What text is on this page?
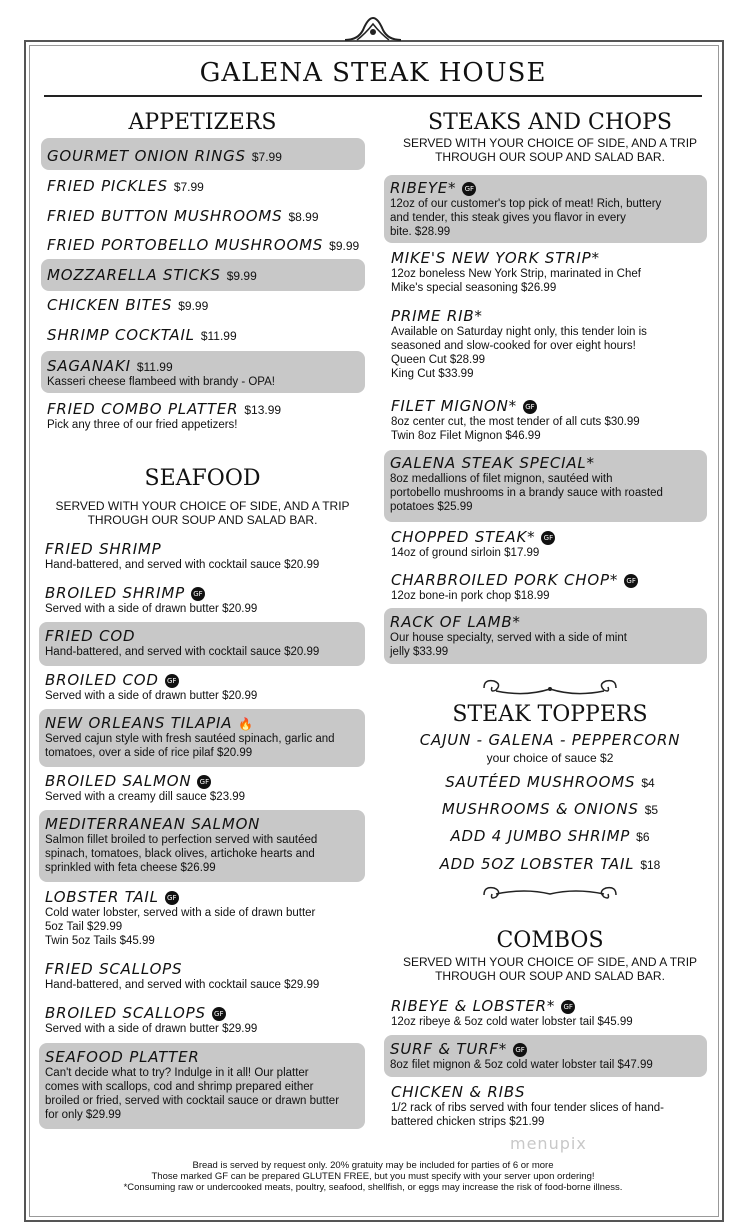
GALENA STEAK HOUSE
APPETIZERS
GOURMET ONION RINGS $7.99
FRIED PICKLES $7.99
FRIED BUTTON MUSHROOMS $8.99
FRIED PORTOBELLO MUSHROOMS $9.99
MOZZARELLA STICKS $9.99
CHICKEN BITES $9.99
SHRIMP COCKTAIL $11.99
SAGANAKI $11.99
Kasseri cheese flambeed with brandy - OPA!
FRIED COMBO PLATTER $13.99
Pick any three of our fried appetizers!
SEAFOOD
SERVED WITH YOUR CHOICE OF SIDE, AND A TRIP
THROUGH OUR SOUP AND SALAD BAR.
FRIED SHRIMP
Hand-battered, and served with cocktail sauce $20.99
BROILED SHRIMP GF
Served with a side of drawn butter $20.99
FRIED COD
Hand-battered, and served with cocktail sauce $20.99
BROILED COD GF
Served with a side of drawn butter $20.99
NEW ORLEANS TILAPIA 🔥
Served cajun style with fresh sautéed spinach, garlic and
tomatoes, over a side of rice pilaf $20.99
BROILED SALMON GF
Served with a creamy dill sauce $23.99
MEDITERRANEAN SALMON
Salmon fillet broiled to perfection served with sautéed
spinach, tomatoes, black olives, artichoke hearts and
sprinkled with feta cheese $26.99
LOBSTER TAIL GF
Cold water lobster, served with a side of drawn butter
5oz Tail $29.99
Twin 5oz Tails $45.99
FRIED SCALLOPS
Hand-battered, and served with cocktail sauce $29.99
BROILED SCALLOPS GF
Served with a side of drawn butter $29.99
SEAFOOD PLATTER
Can't decide what to try? Indulge in it all! Our platter
comes with scallops, cod and shrimp prepared either
broiled or fried, served with cocktail sauce or drawn butter
for only $29.99
STEAKS AND CHOPS
SERVED WITH YOUR CHOICE OF SIDE, AND A TRIP
THROUGH OUR SOUP AND SALAD BAR.
RIBEYE* GF
12oz of our customer's top pick of meat! Rich, buttery
and tender, this steak gives you flavor in every
bite. $28.99
MIKE'S NEW YORK STRIP*
12oz boneless New York Strip, marinated in Chef
Mike's special seasoning $26.99
PRIME RIB*
Available on Saturday night only, this tender loin is
seasoned and slow-cooked for over eight hours!
Queen Cut $28.99
King Cut $33.99
FILET MIGNON* GF
8oz center cut, the most tender of all cuts $30.99
Twin 8oz Filet Mignon $46.99
GALENA STEAK SPECIAL*
8oz medallions of filet mignon, sautéed with
portobello mushrooms in a brandy sauce with roasted
potatoes $25.99
CHOPPED STEAK* GF
14oz of ground sirloin $17.99
CHARBROILED PORK CHOP* GF
12oz bone-in pork chop $18.99
RACK OF LAMB*
Our house specialty, served with a side of mint
jelly $33.99
STEAK TOPPERS
CAJUN - GALENA - PEPPERCORN
your choice of sauce $2
SAUTÉED MUSHROOMS $4
MUSHROOMS & ONIONS $5
ADD 4 JUMBO SHRIMP $6
ADD 5OZ LOBSTER TAIL $18
COMBOS
SERVED WITH YOUR CHOICE OF SIDE, AND A TRIP
THROUGH OUR SOUP AND SALAD BAR.
RIBEYE & LOBSTER* GF
12oz ribeye & 5oz cold water lobster tail $45.99
SURF & TURF* GF
8oz filet mignon & 5oz cold water lobster tail $47.99
CHICKEN & RIBS
1/2 rack of ribs served with four tender slices of hand-
battered chicken strips $21.99
menupix
Bread is served by request only. 20% gratuity may be included for parties of 6 or more
Those marked GF can be prepared GLUTEN FREE, but you must specify with your server upon ordering!
*Consuming raw or undercooked meats, poultry, seafood, shellfish, or eggs may increase the risk of food-borne illness.
